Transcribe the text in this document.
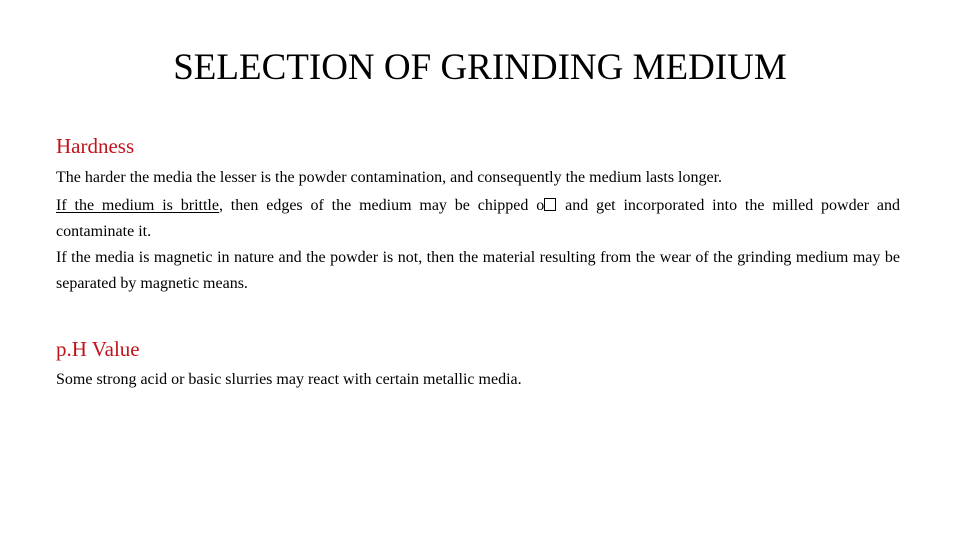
SELECTION OF GRINDING MEDIUM
Hardness

The harder the media the lesser is the powder contamination, and consequently the medium lasts longer.

If the medium is brittle, then edges of the medium may be chipped o and get incorporated into the milled powder and contaminate it.

If the media is magnetic in nature and the powder is not, then the material resulting from the wear of the grinding medium may be separated by magnetic means.

p.H Value

Some strong acid or basic slurries may react with certain metallic media.
